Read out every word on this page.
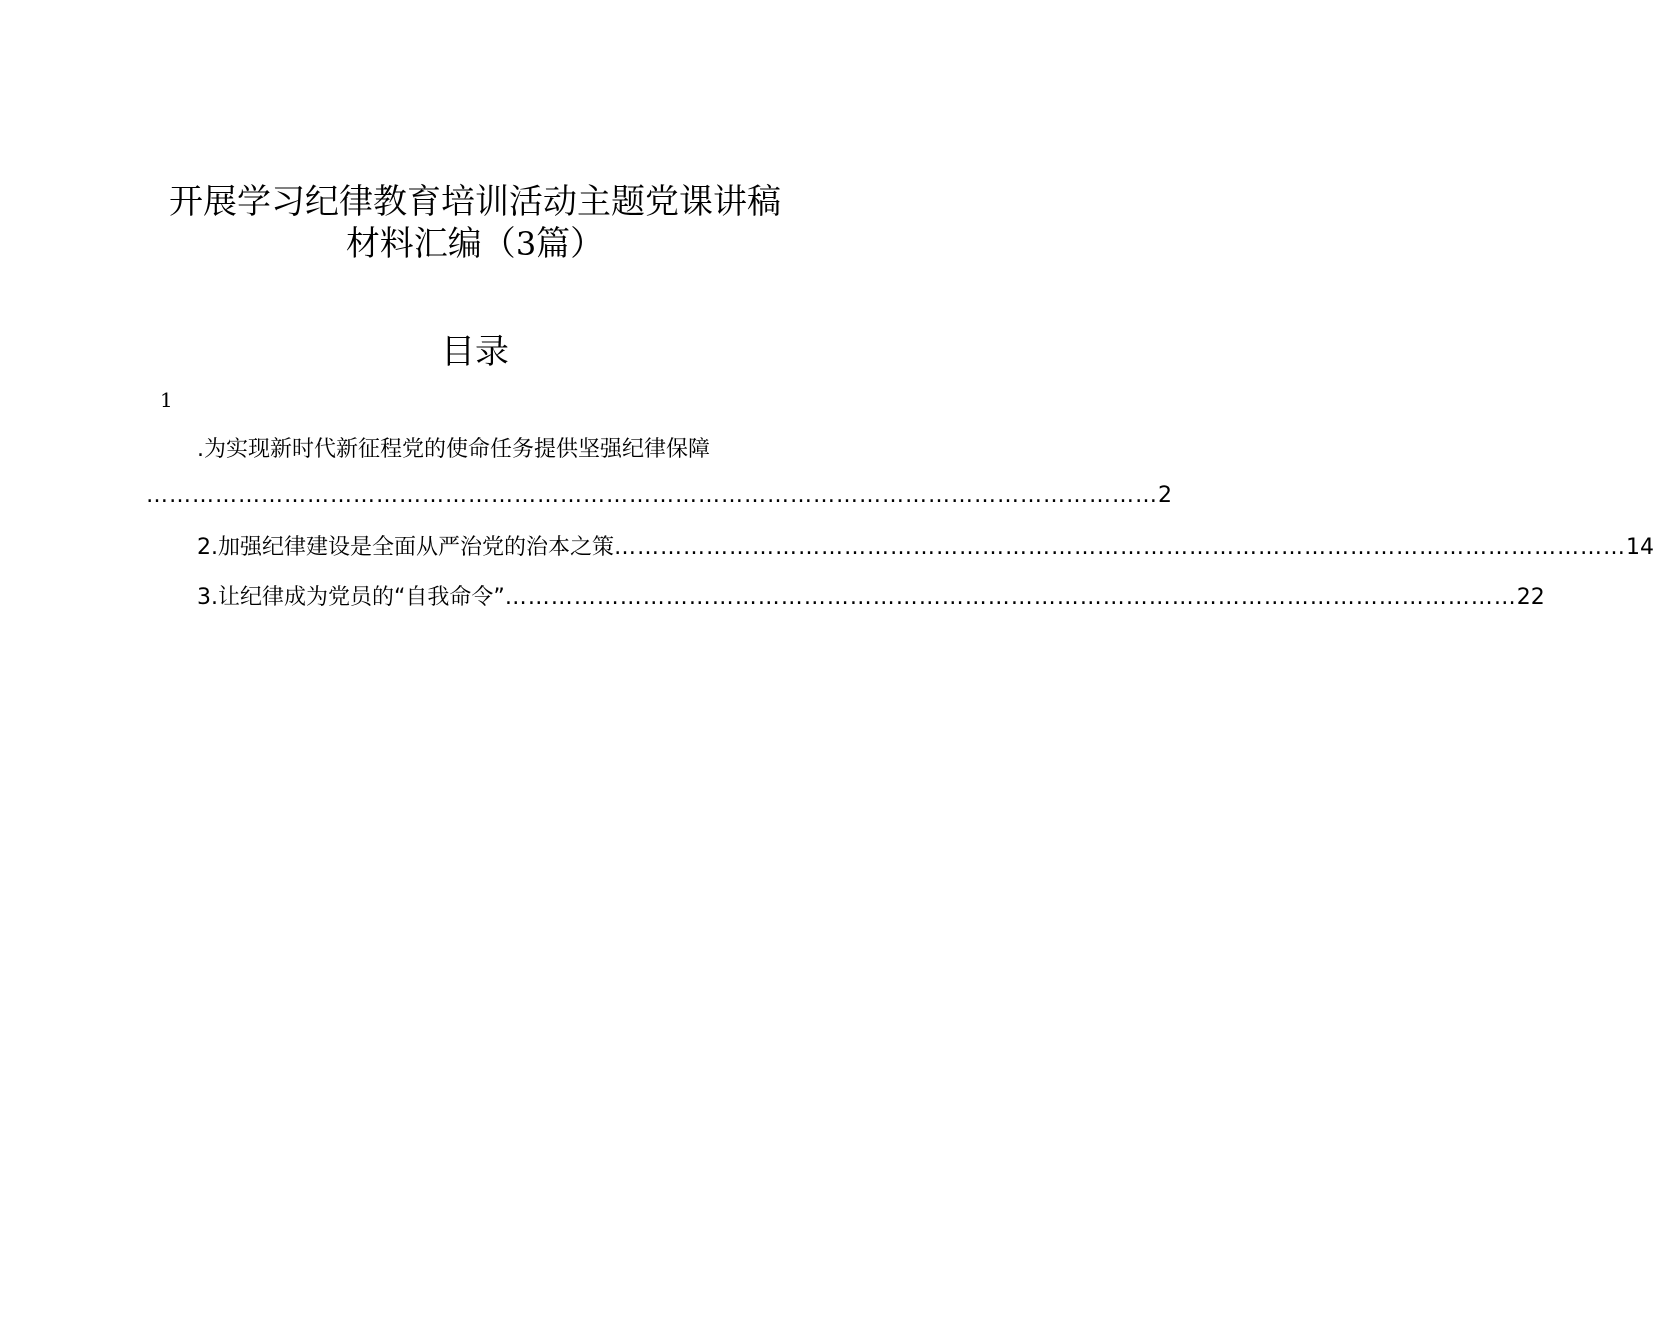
开展学习纪律教育培训活动主题党课讲稿
材料汇编（3篇）
目录
1
.为实现新时代新征程党的使命任务提供坚强纪律保障
…………………………………………………………………………………………………………………… 2
2.加强纪律建设是全面从严治党的治本之策 …………………………………………………………………………………………………………………… 14
3.让纪律成为党员的“自我命令” …………………………………………………………………………………………………………………… 22
